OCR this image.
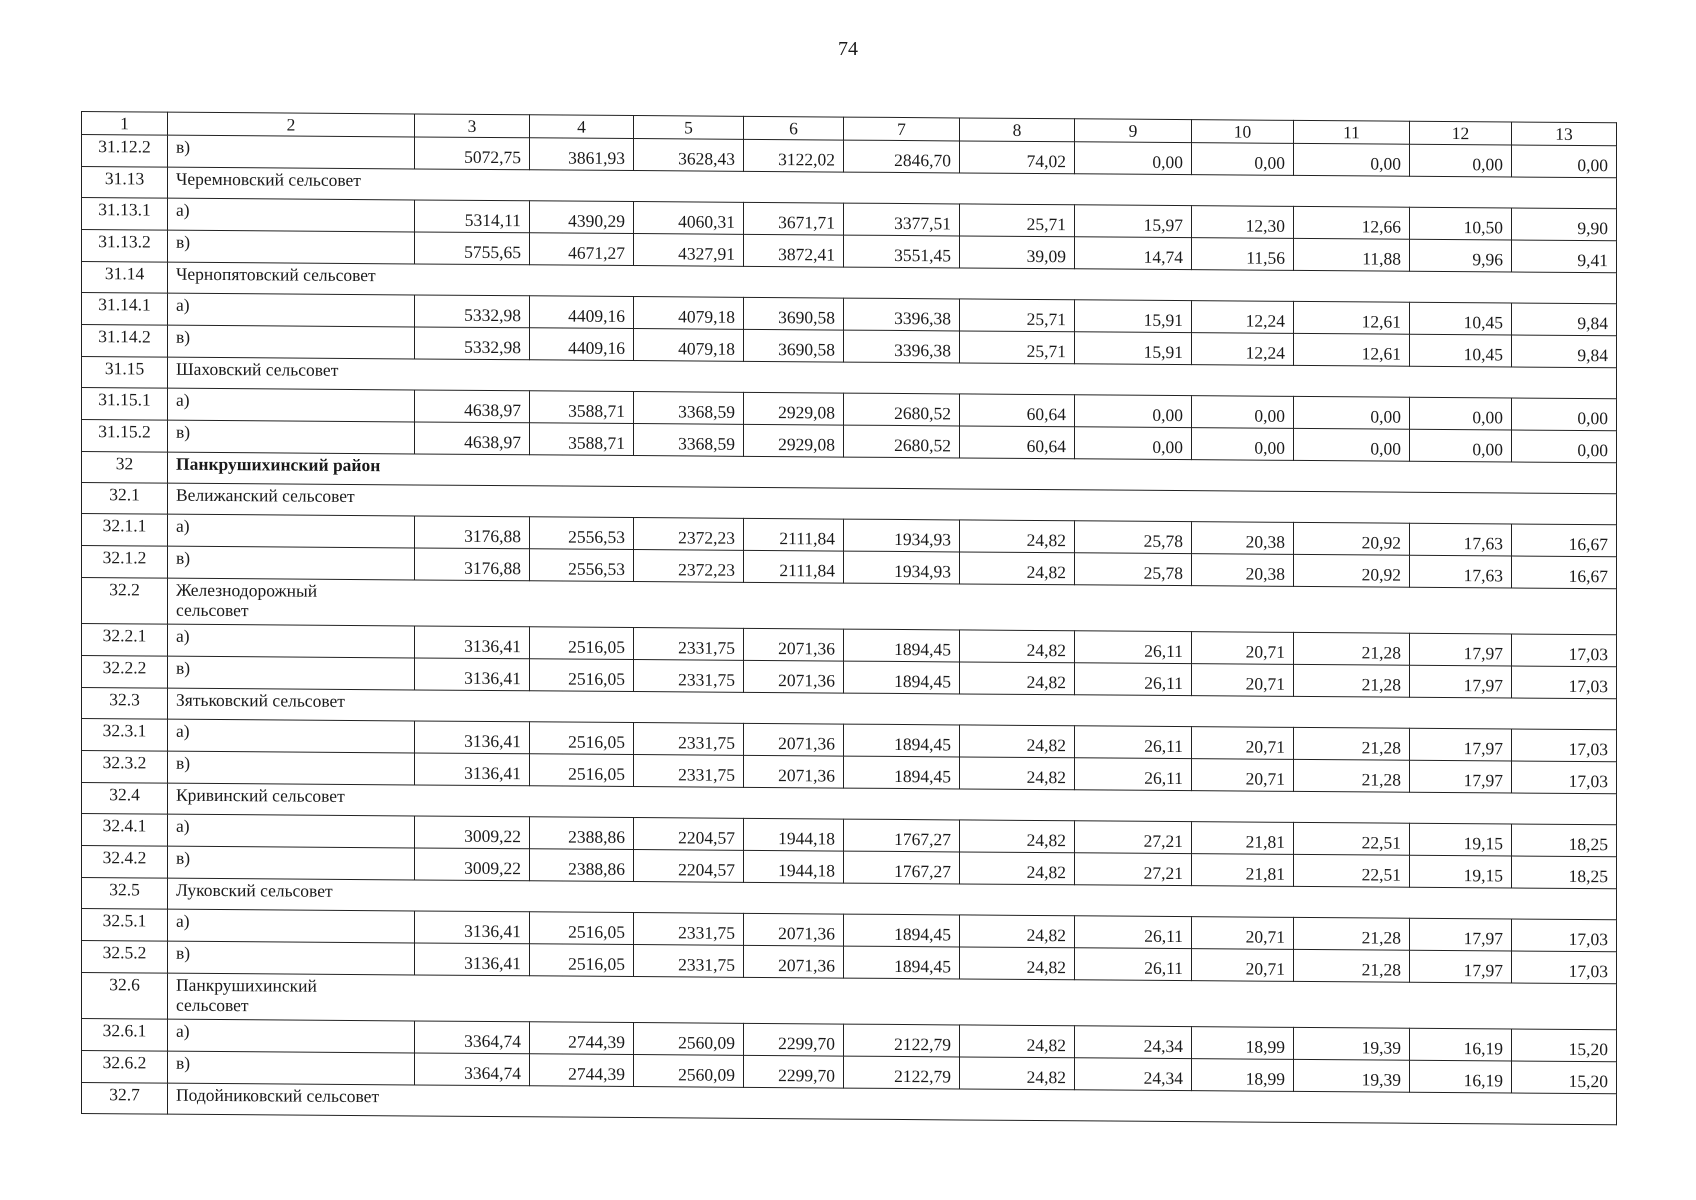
74
1	2	3	4	5	6	7	8	9	10	11	12	13
31.12.2	в)	5072,75	3861,93	3628,43	3122,02	2846,70	74,02	0,00	0,00	0,00	0,00	0,00
31.13	Черемновский сельсовет											
31.13.1	а)	5314,11	4390,29	4060,31	3671,71	3377,51	25,71	15,97	12,30	12,66	10,50	9,90
31.13.2	в)	5755,65	4671,27	4327,91	3872,41	3551,45	39,09	14,74	11,56	11,88	9,96	9,41
31.14	Чернопятовский сельсовет											
31.14.1	а)	5332,98	4409,16	4079,18	3690,58	3396,38	25,71	15,91	12,24	12,61	10,45	9,84
31.14.2	в)	5332,98	4409,16	4079,18	3690,58	3396,38	25,71	15,91	12,24	12,61	10,45	9,84
31.15	Шаховский сельсовет											
31.15.1	а)	4638,97	3588,71	3368,59	2929,08	2680,52	60,64	0,00	0,00	0,00	0,00	0,00
31.15.2	в)	4638,97	3588,71	3368,59	2929,08	2680,52	60,64	0,00	0,00	0,00	0,00	0,00
32	Панкрушихинский район											
32.1	Велижанский сельсовет											
32.1.1	а)	3176,88	2556,53	2372,23	2111,84	1934,93	24,82	25,78	20,38	20,92	17,63	16,67
32.1.2	в)	3176,88	2556,53	2372,23	2111,84	1934,93	24,82	25,78	20,38	20,92	17,63	16,67
32.2	Железнодорожный сельсовет											

32.2.1	а)	3136,41	2516,05	2331,75	2071,36	1894,45	24,82	26,11	20,71	21,28	17,97	17,03
32.2.2	в)	3136,41	2516,05	2331,75	2071,36	1894,45	24,82	26,11	20,71	21,28	17,97	17,03
32.3	Зятьковский сельсовет											
32.3.1	а)	3136,41	2516,05	2331,75	2071,36	1894,45	24,82	26,11	20,71	21,28	17,97	17,03
32.3.2	в)	3136,41	2516,05	2331,75	2071,36	1894,45	24,82	26,11	20,71	21,28	17,97	17,03
32.4	Кривинский сельсовет											
32.4.1	а)	3009,22	2388,86	2204,57	1944,18	1767,27	24,82	27,21	21,81	22,51	19,15	18,25
32.4.2	в)	3009,22	2388,86	2204,57	1944,18	1767,27	24,82	27,21	21,81	22,51	19,15	18,25
32.5	Луковский сельсовет											
32.5.1	а)	3136,41	2516,05	2331,75	2071,36	1894,45	24,82	26,11	20,71	21,28	17,97	17,03
32.5.2	в)	3136,41	2516,05	2331,75	2071,36	1894,45	24,82	26,11	20,71	21,28	17,97	17,03
32.6	Панкрушихинский сельсовет											

32.6.1	а)	3364,74	2744,39	2560,09	2299,70	2122,79	24,82	24,34	18,99	19,39	16,19	15,20
32.6.2	в)	3364,74	2744,39	2560,09	2299,70	2122,79	24,82	24,34	18,99	19,39	16,19	15,20
32.7	Подойниковский сельсовет											
